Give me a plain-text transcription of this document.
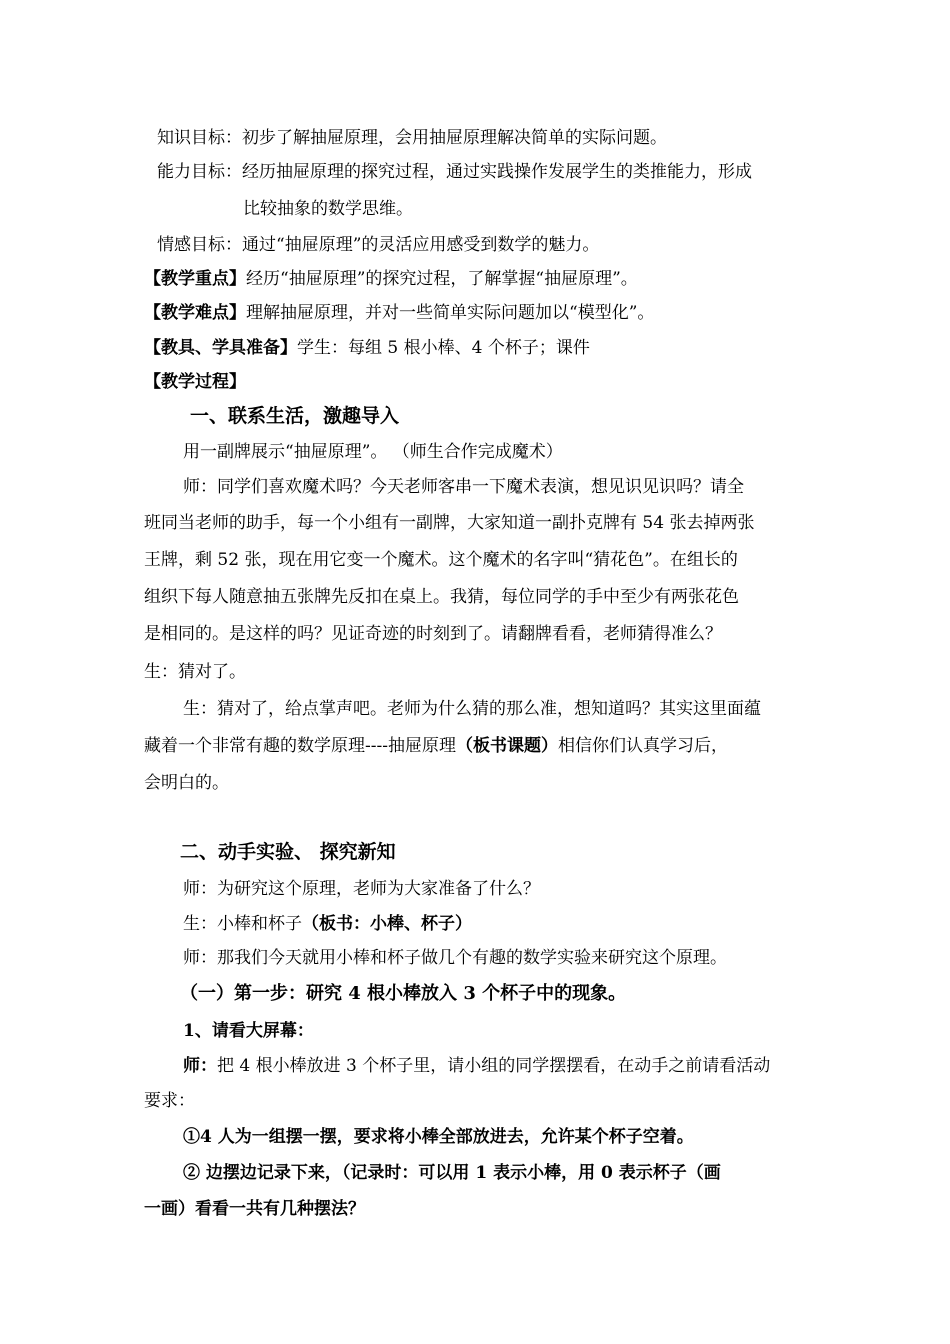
知识目标：初步了解抽屉原理，会用抽屉原理解决简单的实际问题。
能力目标：经历抽屉原理的探究过程，通过实践操作发展学生的类推能力，形成
比较抽象的数学思维。
情感目标：通过“抽屉原理”的灵活应用感受到数学的魅力。
【教学重点】经历“抽屉原理”的探究过程，了解掌握“抽屉原理”。
【教学难点】理解抽屉原理，并对一些简单实际问题加以“模型化”。
【教具、学具准备】学生：每组 5 根小棒、4 个杯子；课件
【教学过程】
一、联系生活，激趣导入
用一副牌展示“抽屉原理”。 （师生合作完成魔术）
师：同学们喜欢魔术吗？今天老师客串一下魔术表演，想见识见识吗？请全
班同当老师的助手，每一个小组有一副牌，大家知道一副扑克牌有 54 张去掉两张
王牌，剩 52 张，现在用它变一个魔术。这个魔术的名字叫“猜花色”。在组长的
组织下每人随意抽五张牌先反扣在桌上。我猜，每位同学的手中至少有两张花色
是相同的。是这样的吗？见证奇迹的时刻到了。请翻牌看看，老师猜得准么？
生：猜对了。
生：猜对了，给点掌声吧。老师为什么猜的那么准，想知道吗？其实这里面蕴
藏着一个非常有趣的数学原理----抽屉原理（板书课题）相信你们认真学习后，
会明白的。
二、动手实验、 探究新知
师：为研究这个原理，老师为大家准备了什么？
生：小棒和杯子（板书：小棒、杯子）
师：那我们今天就用小棒和杯子做几个有趣的数学实验来研究这个原理。
（一）第一步：研究 4 根小棒放入 3 个杯子中的现象。
1、请看大屏幕：
师：把 4 根小棒放进 3 个杯子里，请小组的同学摆摆看，在动手之前请看活动
要求：
①4 人为一组摆一摆，要求将小棒全部放进去，允许某个杯子空着。
② 边摆边记录下来，（记录时：可以用 1 表示小棒，用 0 表示杯子（画
一画）看看一共有几种摆法？
